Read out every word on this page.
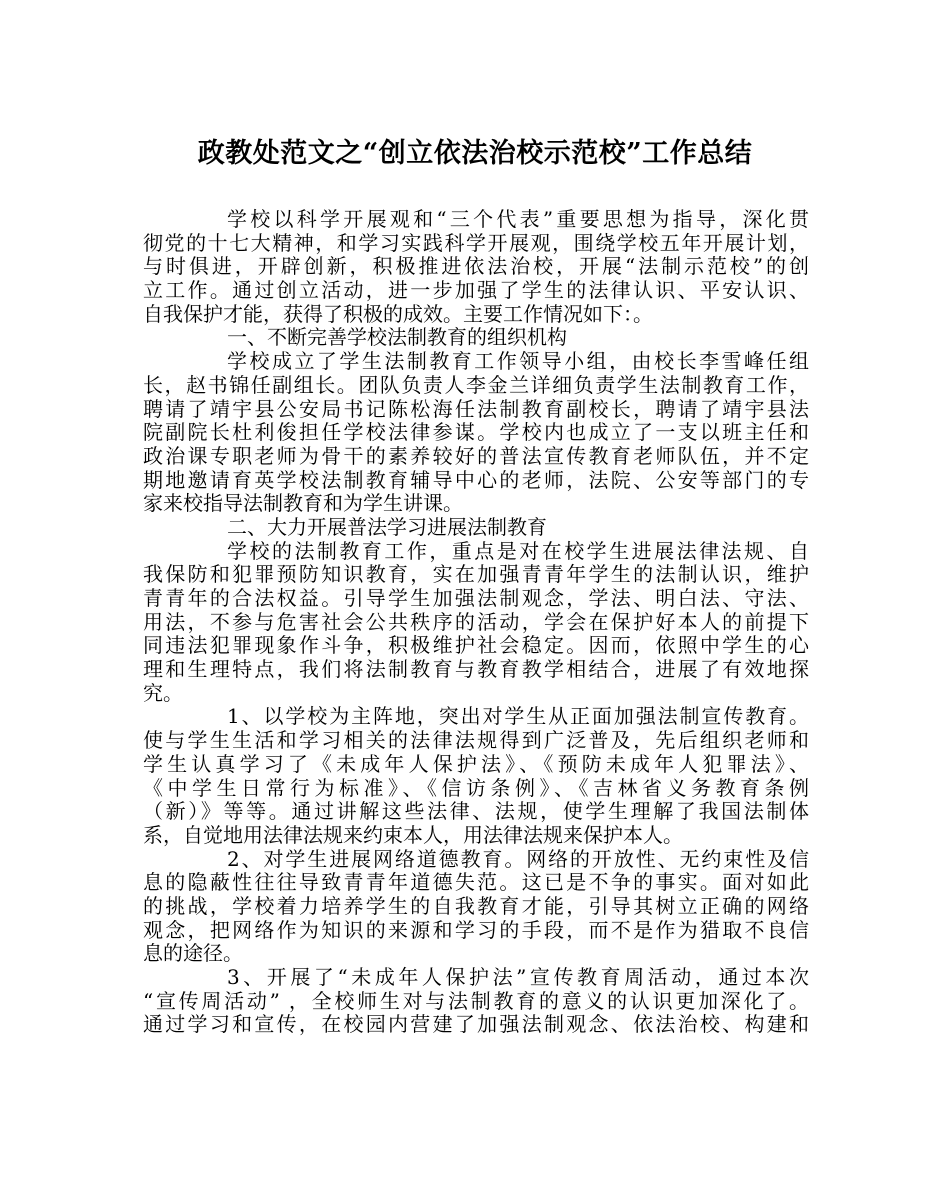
政教处范文之“创立依法治校示范校”工作总结
学校以科学开展观和“三个代表”重要思想为指导，深化贯
彻党的十七大精神，和学习实践科学开展观，围绕学校五年开展计划，
与时俱进，开辟创新，积极推进依法治校，开展“法制示范校”的创
立工作。通过创立活动，进一步加强了学生的法律认识、平安认识、
自我保护才能，获得了积极的成效。主要工作情况如下：。
一、不断完善学校法制教育的组织机构
学校成立了学生法制教育工作领导小组，由校长李雪峰任组
长，赵书锦任副组长。团队负责人李金兰详细负责学生法制教育工作，
聘请了靖宇县公安局书记陈松海任法制教育副校长，聘请了靖宇县法
院副院长杜利俊担任学校法律参谋。学校内也成立了一支以班主任和
政治课专职老师为骨干的素养较好的普法宣传教育老师队伍，并不定
期地邀请育英学校法制教育辅导中心的老师，法院、公安等部门的专
家来校指导法制教育和为学生讲课。
二、大力开展普法学习进展法制教育
学校的法制教育工作，重点是对在校学生进展法律法规、自
我保防和犯罪预防知识教育，实在加强青青年学生的法制认识，维护
青青年的合法权益。引导学生加强法制观念，学法、明白法、守法、
用法，不参与危害社会公共秩序的活动，学会在保护好本人的前提下
同违法犯罪现象作斗争，积极维护社会稳定。因而，依照中学生的心
理和生理特点，我们将法制教育与教育教学相结合，进展了有效地探
究。
1、以学校为主阵地，突出对学生从正面加强法制宣传教育。
使与学生生活和学习相关的法律法规得到广泛普及，先后组织老师和
学生认真学习了《未成年人保护法》、《预防未成年人犯罪法》、
《中学生日常行为标准》、《信访条例》、《吉林省义务教育条例
（新）》等等。通过讲解这些法律、法规，使学生理解了我国法制体
系，自觉地用法律法规来约束本人，用法律法规来保护本人。
2、对学生进展网络道德教育。网络的开放性、无约束性及信
息的隐蔽性往往导致青青年道德失范。这已是不争的事实。面对如此
的挑战，学校着力培养学生的自我教育才能，引导其树立正确的网络
观念，把网络作为知识的来源和学习的手段，而不是作为猎取不良信
息的途径。
3、开展了“未成年人保护法”宣传教育周活动，通过本次
“宣传周活动” ，全校师生对与法制教育的意义的认识更加深化了。
通过学习和宣传，在校园内营建了加强法制观念、依法治校、构建和
